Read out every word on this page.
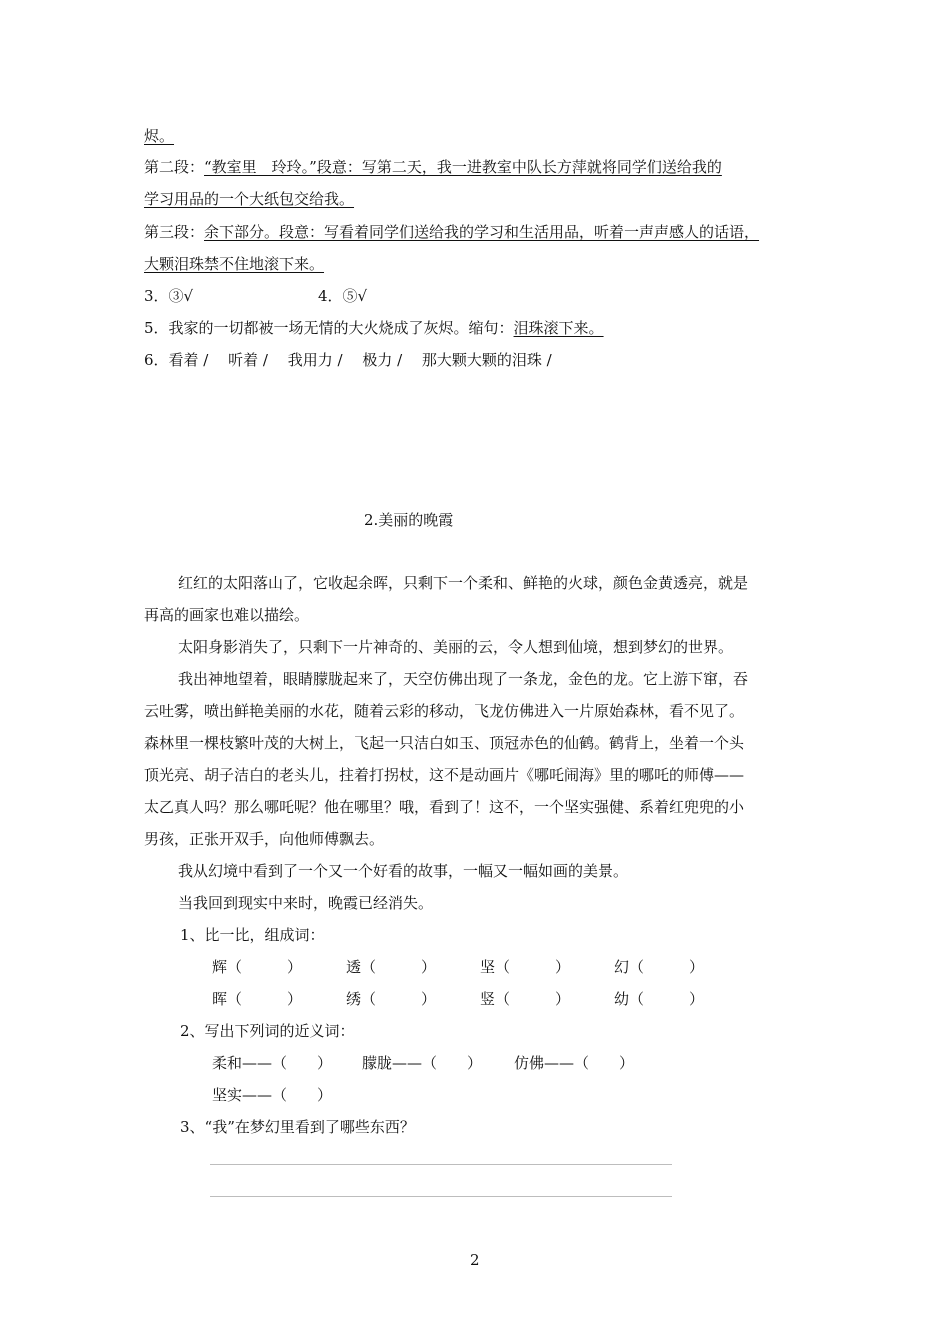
烬。
第二段：“教室里　玲玲。”段意：写第二天，我一进教室中队长方萍就将同学们送给我的
学习用品的一个大纸包交给我。
第三段：余下部分。段意：写看着同学们送给我的学习和生活用品，听着一声声感人的话语，
大颗泪珠禁不住地滚下来。
3．③√	4．⑤√
5．我家的一切都被一场无情的大火烧成了灰烬。缩句：泪珠滚下来。
6．看着 /　 听着 /　 我用力 /　 极力 /　 那大颗大颗的泪珠 /
2.美丽的晚霞
红红的太阳落山了，它收起余晖，只剩下一个柔和、鲜艳的火球，颜色金黄透亮，就是
再高的画家也难以描绘。
太阳身影消失了，只剩下一片神奇的、美丽的云，令人想到仙境，想到梦幻的世界。
我出神地望着，眼睛朦胧起来了，天空仿佛出现了一条龙，金色的龙。它上游下窜，吞
云吐雾，喷出鲜艳美丽的水花，随着云彩的移动，飞龙仿佛进入一片原始森林，看不见了。
森林里一棵枝繁叶茂的大树上，飞起一只洁白如玉、顶冠赤色的仙鹤。鹤背上，坐着一个头
顶光亮、胡子洁白的老头儿，拄着打拐杖，这不是动画片《哪吒闹海》里的哪吒的师傅——
太乙真人吗？那么哪吒呢？他在哪里？哦，看到了！这不，一个坚实强健、系着红兜兜的小
男孩，正张开双手，向他师傅飘去。
我从幻境中看到了一个又一个好看的故事，一幅又一幅如画的美景。
当我回到现实中来时，晚霞已经消失。
1、比一比，组成词：
辉（　　　）	透（　　　）	坚（　　　）	幻（　　　）
晖（　　　）	绣（　　　）	竖（　　　）	幼（　　　）
2、写出下列词的近义词：
柔和——（　　） 朦胧——（　　） 仿佛——（　　）
坚实——（　　）
3、“我”在梦幻里看到了哪些东西？
2
